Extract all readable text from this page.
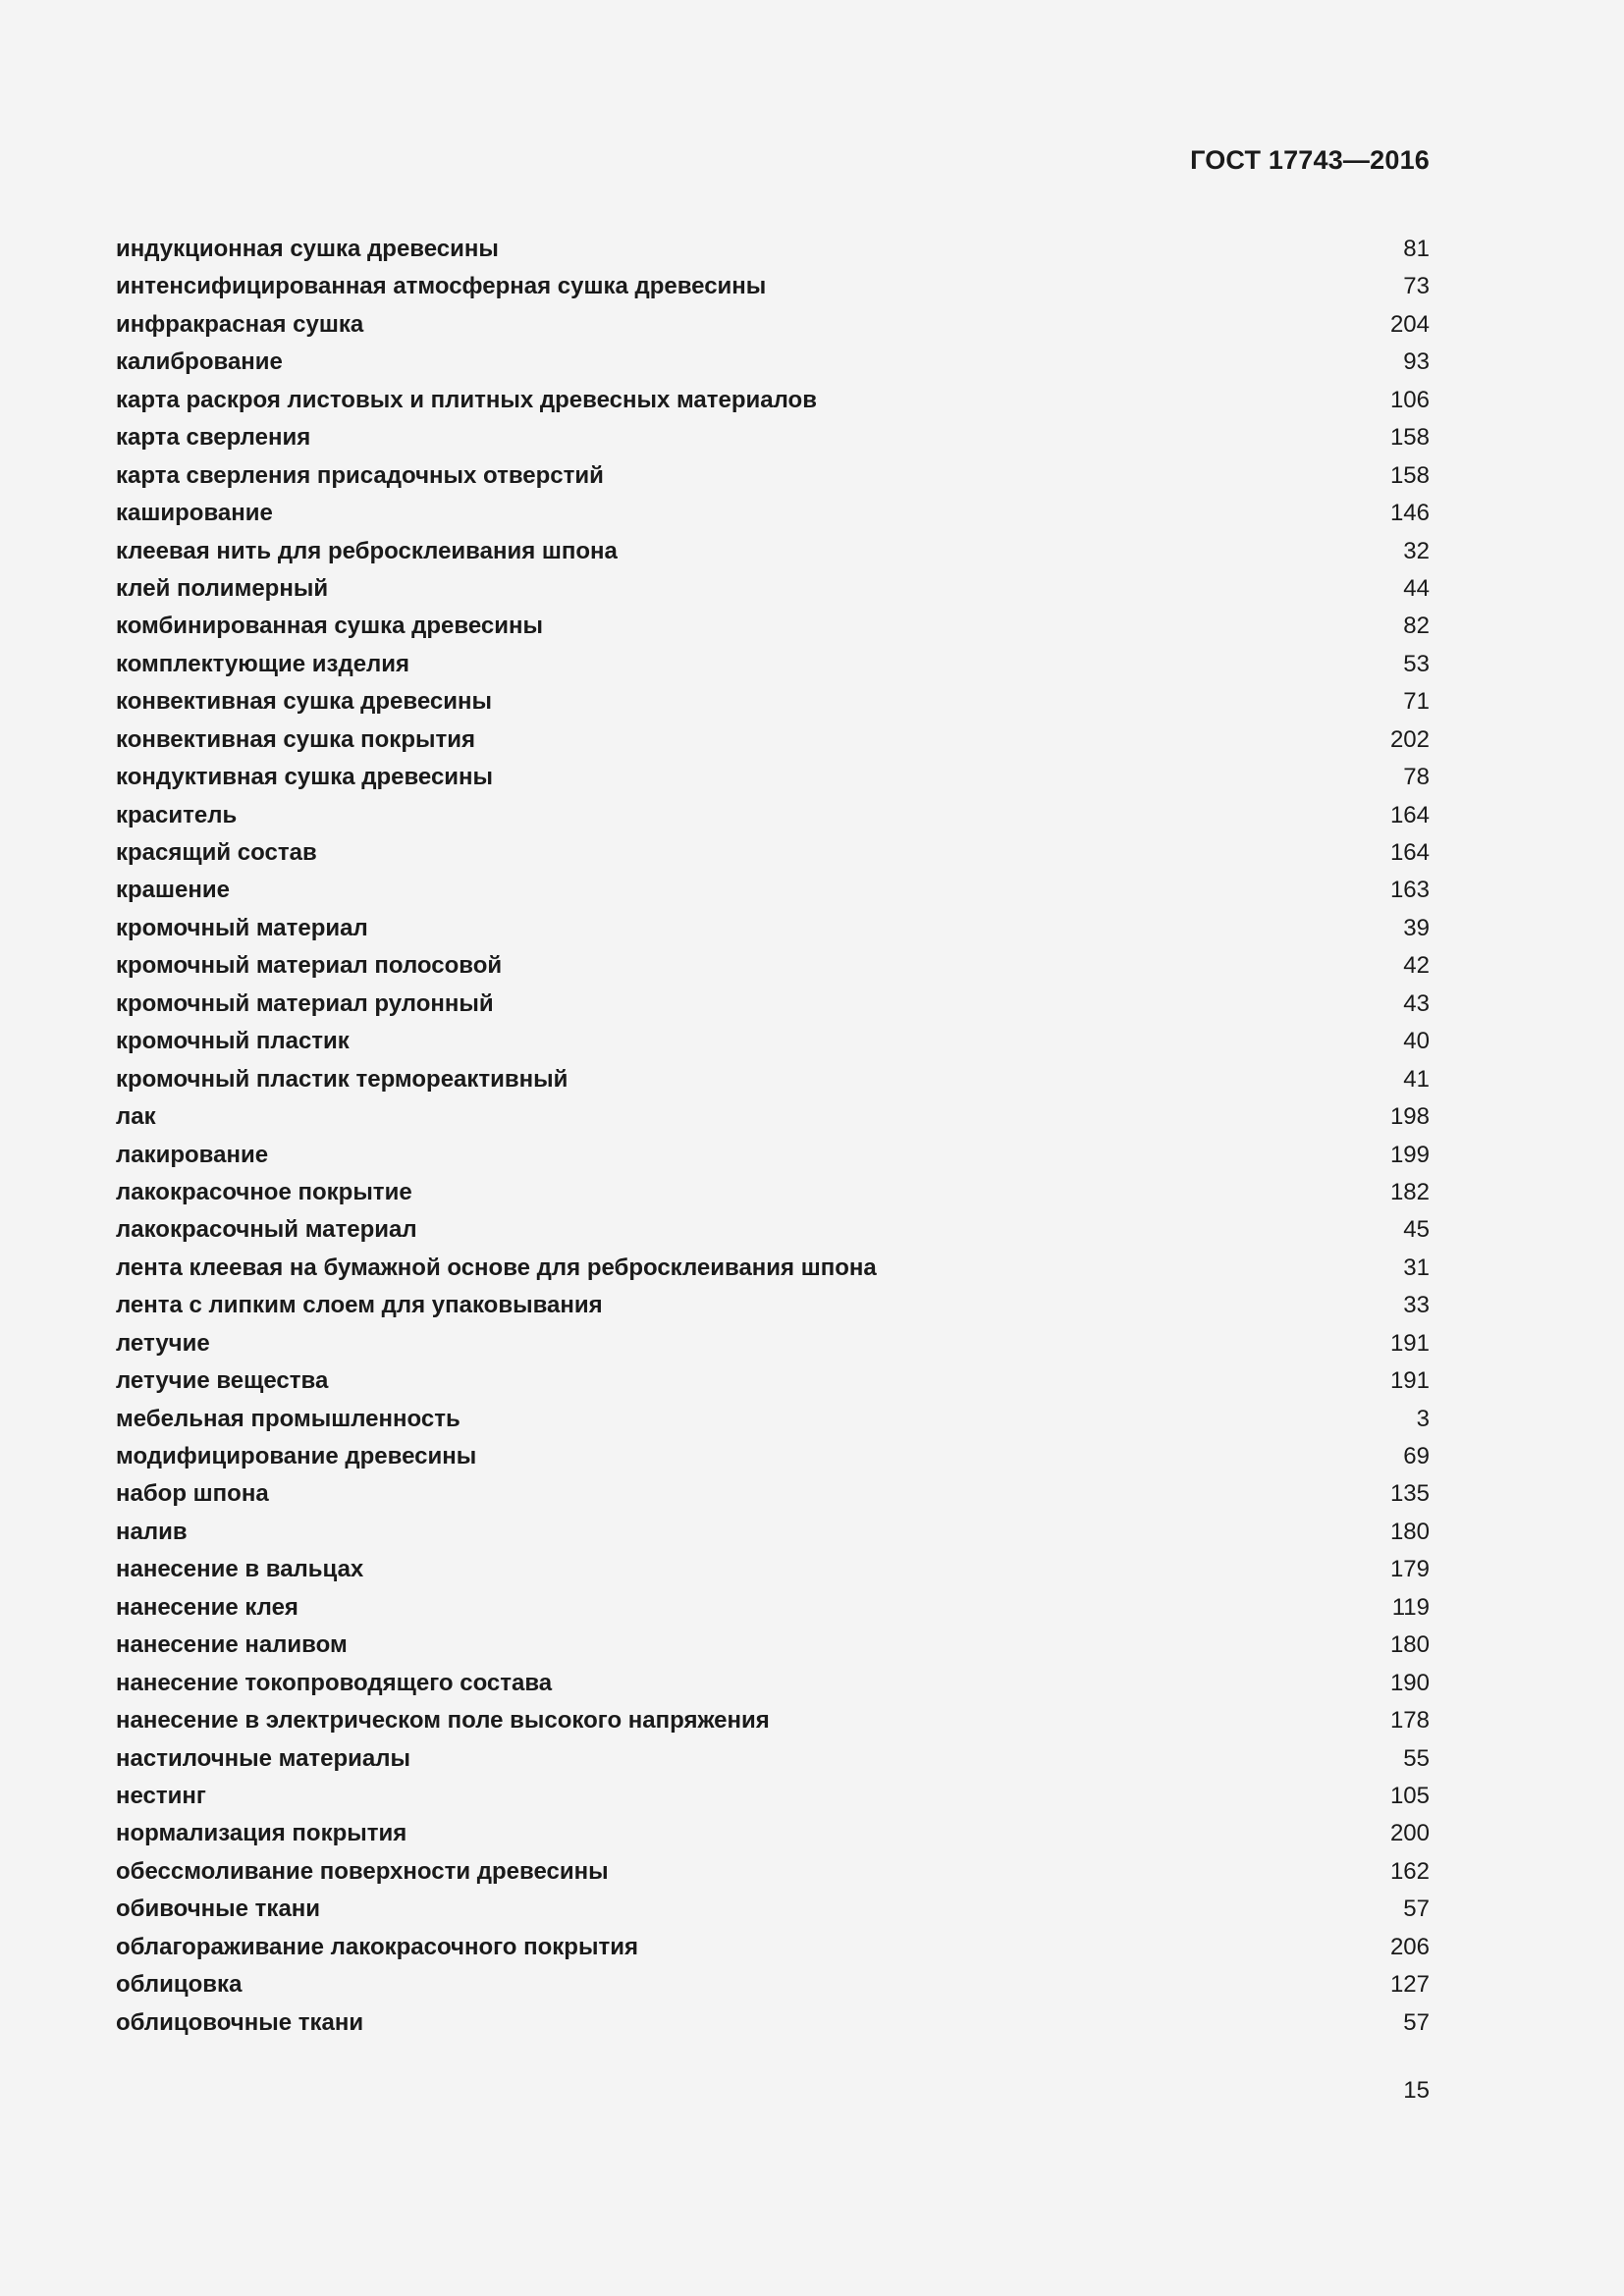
ГОСТ 17743—2016
индукционная сушка древесины	81
интенсифицированная атмосферная сушка древесины	73
инфракрасная сушка	204
калибрование	93
карта раскроя листовых и плитных древесных материалов	106
карта сверления	158
карта сверления присадочных отверстий	158
каширование	146
клеевая нить для ребросклеивания шпона	32
клей полимерный	44
комбинированная сушка древесины	82
комплектующие изделия	53
конвективная сушка древесины	71
конвективная сушка покрытия	202
кондуктивная сушка древесины	78
краситель	164
красящий состав	164
крашение	163
кромочный материал	39
кромочный материал полосовой	42
кромочный материал рулонный	43
кромочный пластик	40
кромочный пластик термореактивный	41
лак	198
лакирование	199
лакокрасочное покрытие	182
лакокрасочный материал	45
лента клеевая на бумажной основе для ребросклеивания шпона	31
лента с липким слоем для упаковывания	33
летучие	191
летучие вещества	191
мебельная промышленность	3
модифицирование древесины	69
набор шпона	135
налив	180
нанесение в вальцах	179
нанесение клея	119
нанесение наливом	180
нанесение токопроводящего состава	190
нанесение в электрическом поле высокого напряжения	178
настилочные материалы	55
нестинг	105
нормализация покрытия	200
обессмоливание поверхности древесины	162
обивочные ткани	57
облагораживание лакокрасочного покрытия	206
облицовка	127
облицовочные ткани	57
15
